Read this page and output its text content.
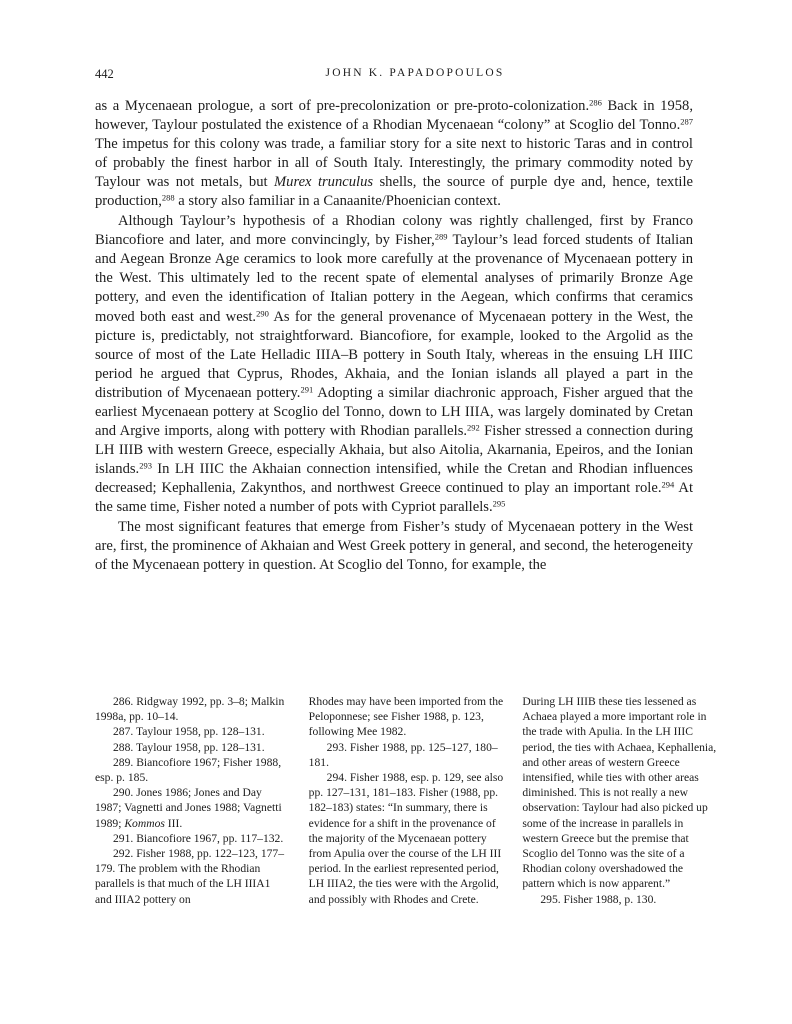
442	JOHN K. PAPADOPOULOS

as a Mycenaean prologue, a sort of pre-precolonization or pre-proto-colonization.$^{286}$ Back in 1958, however, Taylour postulated the existence of a Rhodian Mycenaean “colony” at Scoglio del Tonno.$^{287}$ The impetus for this colony was trade, a familiar story for a site next to historic Taras and in control of probably the finest harbor in all of South Italy. Interestingly, the primary commodity noted by Taylour was not metals, but Murex trunculus shells, the source of purple dye and, hence, textile production,$^{288}$ a story also familiar in a Canaanite/Phoenician context.

Although Taylour’s hypothesis of a Rhodian colony was rightly challenged, first by Franco Biancofiore and later, and more convincingly, by Fisher,$^{289}$ Taylour’s lead forced students of Italian and Aegean Bronze Age ceramics to look more carefully at the provenance of Mycenaean pottery in the West. This ultimately led to the recent spate of elemental analyses of primarily Bronze Age pottery, and even the identification of Italian pottery in the Aegean, which confirms that ceramics moved both east and west.$^{290}$ As for the general provenance of Mycenaean pottery in the West, the picture is, predictably, not straightforward. Biancofiore, for example, looked to the Argolid as the source of most of the Late Helladic IIIA–B pottery in South Italy, whereas in the ensuing LH IIIC period he argued that Cyprus, Rhodes, Akhaia, and the Ionian islands all played a part in the distribution of Mycenaean pottery.$^{291}$ Adopting a similar diachronic approach, Fisher argued that the earliest Mycenaean pottery at Scoglio del Tonno, down to LH IIIA, was largely dominated by Cretan and Argive imports, along with pottery with Rhodian parallels.$^{292}$ Fisher stressed a connection during LH IIIB with western Greece, especially Akhaia, but also Aitolia, Akarnania, Epeiros, and the Ionian islands.$^{293}$ In LH IIIC the Akhaian connection intensified, while the Cretan and Rhodian influences decreased; Kephallenia, Zakynthos, and northwest Greece continued to play an important role.$^{294}$ At the same time, Fisher noted a number of pots with Cypriot parallels.$^{295}$

The most significant features that emerge from Fisher’s study of Mycenaean pottery in the West are, first, the prominence of Akhaian and West Greek pottery in general, and second, the heterogeneity of the Mycenaean pottery in question. At Scoglio del Tonno, for example, the

286. Ridgway 1992, pp. 3–8; Malkin 1998a, pp. 10–14.

287. Taylour 1958, pp. 128–131.

288. Taylour 1958, pp. 128–131.

289. Biancofiore 1967; Fisher 1988, esp. p. 185.

290. Jones 1986; Jones and Day 1987; Vagnetti and Jones 1988; Vagnetti 1989; Kommos III.

291. Biancofiore 1967, pp. 117–132.

292. Fisher 1988, pp. 122–123, 177–179. The problem with the Rhodian parallels is that much of the LH IIIA1 and IIIA2 pottery on

Rhodes may have been imported from the Peloponnese; see Fisher 1988, p. 123, following Mee 1982.

293. Fisher 1988, pp. 125–127, 180–181.

294. Fisher 1988, esp. p. 129, see also pp. 127–131, 181–183. Fisher (1988, pp. 182–183) states: “In summary, there is evidence for a shift in the provenance of the majority of the Mycenaean pottery from Apulia over the course of the LH III period. In the earliest represented period, LH IIIA2, the ties were with the Argolid, and possibly with Rhodes and Crete.

During LH IIIB these ties lessened as Achaea played a more important role in the trade with Apulia. In the LH IIIC period, the ties with Achaea, Kephallenia, and other areas of western Greece intensified, while ties with other areas diminished. This is not really a new observation: Taylour had also picked up some of the increase in parallels in western Greece but the premise that Scoglio del Tonno was the site of a Rhodian colony overshadowed the pattern which is now apparent.”

295. Fisher 1988, p. 130.
